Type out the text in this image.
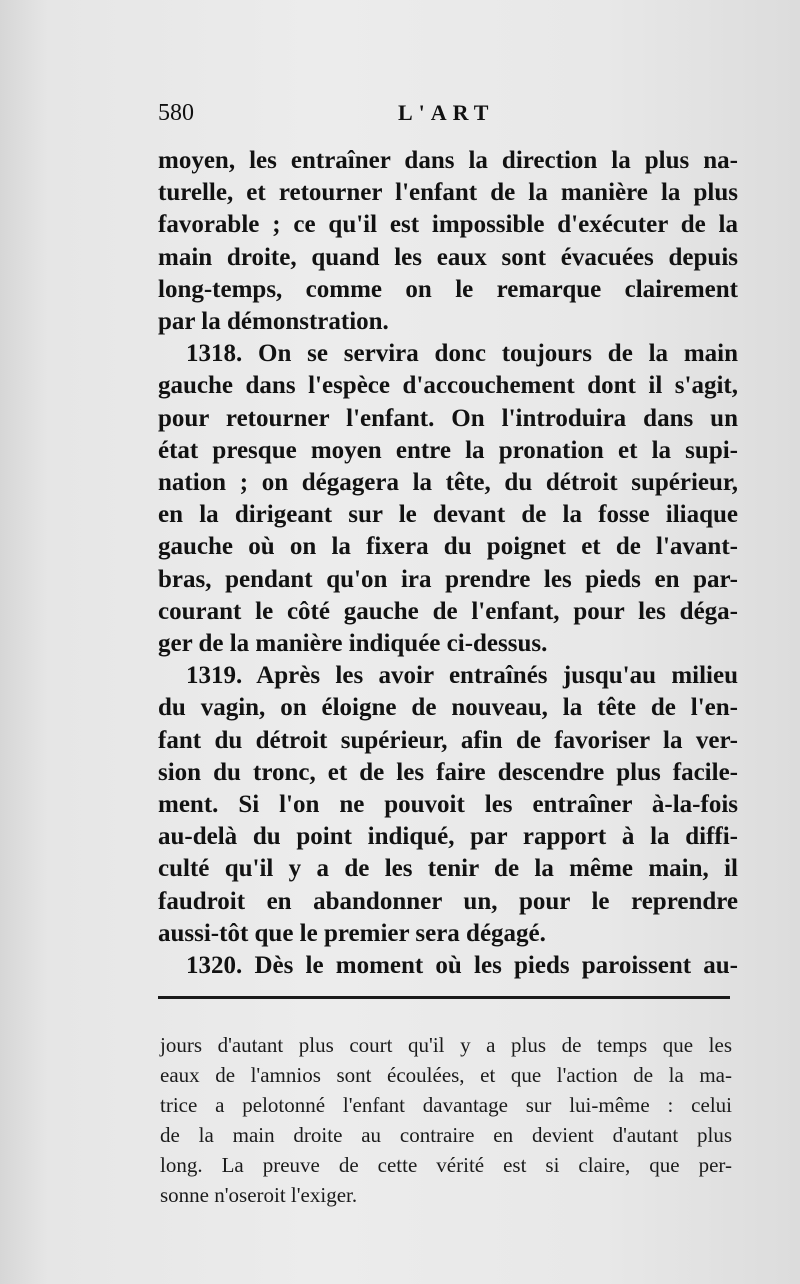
580	L'ART
moyen, les entraîner dans la direction la plus na-
turelle, et retourner l'enfant de la manière la plus
favorable ; ce qu'il est impossible d'exécuter de la
main droite, quand les eaux sont évacuées depuis
long-temps, comme on le remarque clairement
par la démonstration.
1318. On se servira donc toujours de la main
gauche dans l'espèce d'accouchement dont il s'agit,
pour retourner l'enfant. On l'introduira dans un
état presque moyen entre la pronation et la supi-
nation ; on dégagera la tête, du détroit supérieur,
en la dirigeant sur le devant de la fosse iliaque
gauche où on la fixera du poignet et de l'avant-
bras, pendant qu'on ira prendre les pieds en par-
courant le côté gauche de l'enfant, pour les déga-
ger de la manière indiquée ci-dessus.
1319. Après les avoir entraînés jusqu'au milieu
du vagin, on éloigne de nouveau, la tête de l'en-
fant du détroit supérieur, afin de favoriser la ver-
sion du tronc, et de les faire descendre plus facile-
ment. Si l'on ne pouvoit les entraîner à-la-fois
au-delà du point indiqué, par rapport à la diffi-
culté qu'il y a de les tenir de la même main, il
faudroit en abandonner un, pour le reprendre
aussi-tôt que le premier sera dégagé.
1320. Dès le moment où les pieds paroissent au-
jours d'autant plus court qu'il y a plus de temps que les
eaux de l'amnios sont écoulées, et que l'action de la ma-
trice a pelotonné l'enfant davantage sur lui-même : celui
de la main droite au contraire en devient d'autant plus
long. La preuve de cette vérité est si claire, que per-
sonne n'oseroit l'exiger.
